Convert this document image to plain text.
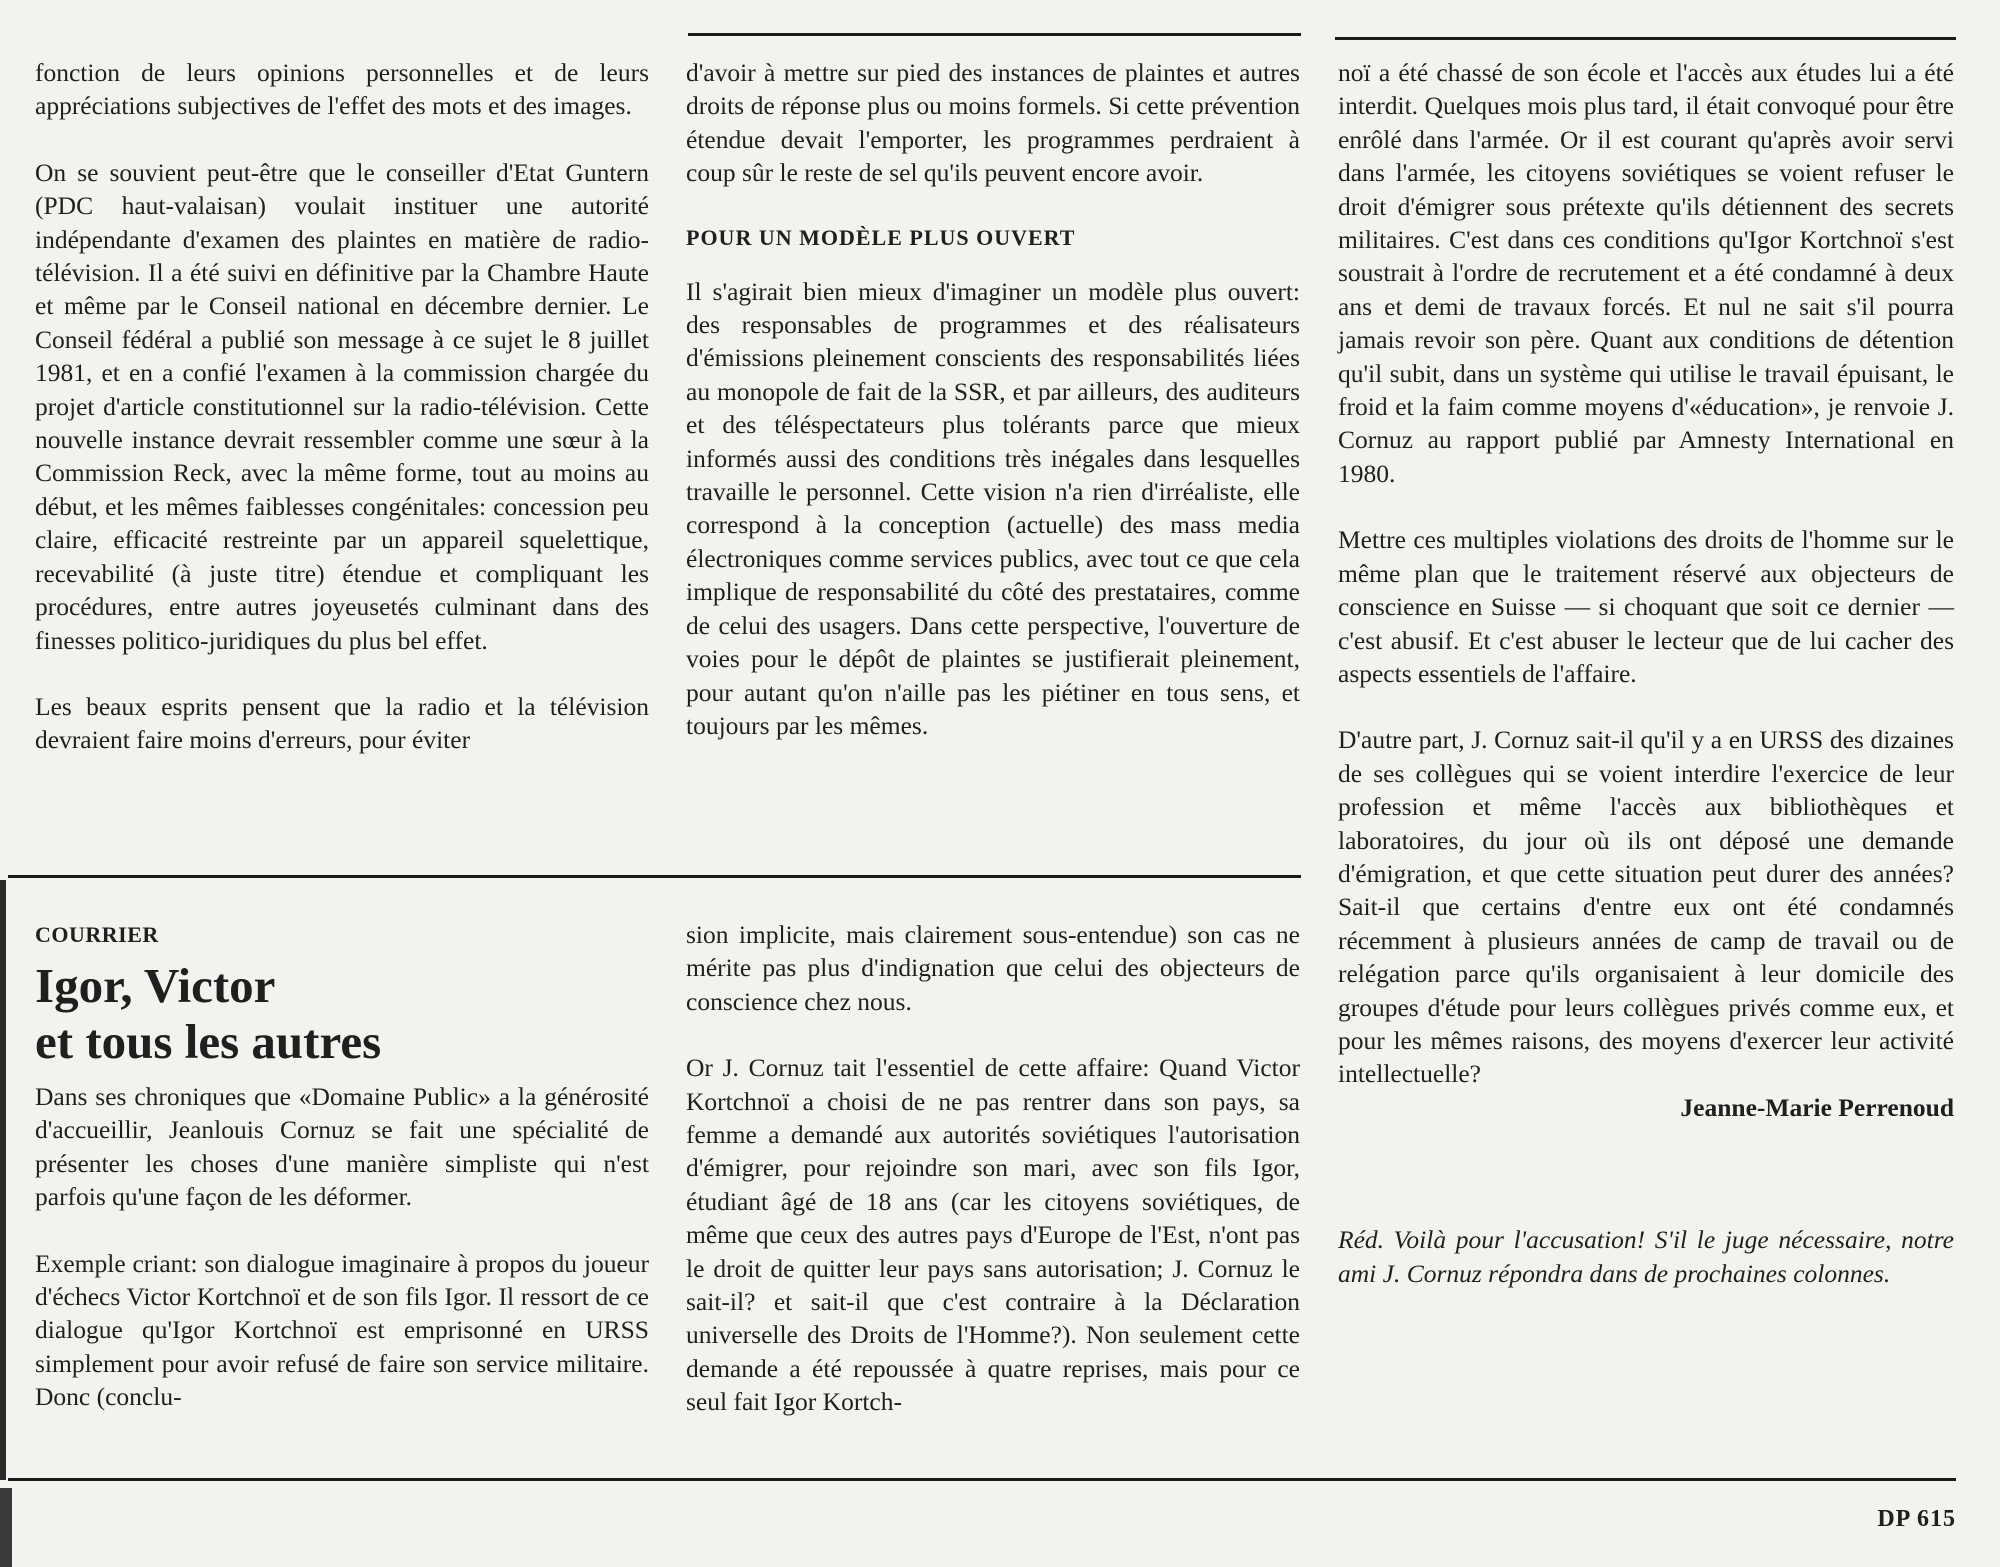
fonction de leurs opinions personnelles et de leurs appréciations subjectives de l'effet des mots et des images.

On se souvient peut-être que le conseiller d'Etat Guntern (PDC haut-valaisan) voulait instituer une autorité indépendante d'examen des plaintes en matière de radio-télévision. Il a été suivi en définitive par la Chambre Haute et même par le Conseil national en décembre dernier. Le Conseil fédéral a publié son message à ce sujet le 8 juillet 1981, et en a confié l'examen à la commission chargée du projet d'article constitutionnel sur la radio-télévision. Cette nouvelle instance devrait ressembler comme une sœur à la Commission Reck, avec la même forme, tout au moins au début, et les mêmes faiblesses congénitales: concession peu claire, efficacité restreinte par un appareil squelettique, recevabilité (à juste titre) étendue et compliquant les procédures, entre autres joyeusetés culminant dans des finesses politico-juridiques du plus bel effet.

Les beaux esprits pensent que la radio et la télévision devraient faire moins d'erreurs, pour éviter

d'avoir à mettre sur pied des instances de plaintes et autres droits de réponse plus ou moins formels. Si cette prévention étendue devait l'emporter, les programmes perdraient à coup sûr le reste de sel qu'ils peuvent encore avoir.

POUR UN MODÈLE PLUS OUVERT

Il s'agirait bien mieux d'imaginer un modèle plus ouvert: des responsables de programmes et des réalisateurs d'émissions pleinement conscients des responsabilités liées au monopole de fait de la SSR, et par ailleurs, des auditeurs et des téléspectateurs plus tolérants parce que mieux informés aussi des conditions très inégales dans lesquelles travaille le personnel. Cette vision n'a rien d'irréaliste, elle correspond à la conception (actuelle) des mass media électroniques comme services publics, avec tout ce que cela implique de responsabilité du côté des prestataires, comme de celui des usagers. Dans cette perspective, l'ouverture de voies pour le dépôt de plaintes se justifierait pleinement, pour autant qu'on n'aille pas les piétiner en tous sens, et toujours par les mêmes.

noï a été chassé de son école et l'accès aux études lui a été interdit. Quelques mois plus tard, il était convoqué pour être enrôlé dans l'armée. Or il est courant qu'après avoir servi dans l'armée, les citoyens soviétiques se voient refuser le droit d'émigrer sous prétexte qu'ils détiennent des secrets militaires. C'est dans ces conditions qu'Igor Kortchnoï s'est soustrait à l'ordre de recrutement et a été condamné à deux ans et demi de travaux forcés. Et nul ne sait s'il pourra jamais revoir son père. Quant aux conditions de détention qu'il subit, dans un système qui utilise le travail épuisant, le froid et la faim comme moyens d'«éducation», je renvoie J. Cornuz au rapport publié par Amnesty International en 1980.

Mettre ces multiples violations des droits de l'homme sur le même plan que le traitement réservé aux objecteurs de conscience en Suisse — si choquant que soit ce dernier — c'est abusif. Et c'est abuser le lecteur que de lui cacher des aspects essentiels de l'affaire.

D'autre part, J. Cornuz sait-il qu'il y a en URSS des dizaines de ses collègues qui se voient interdire l'exercice de leur profession et même l'accès aux bibliothèques et laboratoires, du jour où ils ont déposé une demande d'émigration, et que cette situation peut durer des années? Sait-il que certains d'entre eux ont été condamnés récemment à plusieurs années de camp de travail ou de relégation parce qu'ils organisaient à leur domicile des groupes d'étude pour leurs collègues privés comme eux, et pour les mêmes raisons, des moyens d'exercer leur activité intellectuelle?

Jeanne-Marie Perrenoud

Réd. Voilà pour l'accusation! S'il le juge nécessaire, notre ami J. Cornuz répondra dans de prochaines colonnes.

COURRIER
Igor, Victor
et tous les autres

Dans ses chroniques que «Domaine Public» a la générosité d'accueillir, Jeanlouis Cornuz se fait une spécialité de présenter les choses d'une manière simpliste qui n'est parfois qu'une façon de les déformer.

Exemple criant: son dialogue imaginaire à propos du joueur d'échecs Victor Kortchnoï et de son fils Igor. Il ressort de ce dialogue qu'Igor Kortchnoï est emprisonné en URSS simplement pour avoir refusé de faire son service militaire. Donc (conclu-

sion implicite, mais clairement sous-entendue) son cas ne mérite pas plus d'indignation que celui des objecteurs de conscience chez nous.

Or J. Cornuz tait l'essentiel de cette affaire: Quand Victor Kortchnoï a choisi de ne pas rentrer dans son pays, sa femme a demandé aux autorités soviétiques l'autorisation d'émigrer, pour rejoindre son mari, avec son fils Igor, étudiant âgé de 18 ans (car les citoyens soviétiques, de même que ceux des autres pays d'Europe de l'Est, n'ont pas le droit de quitter leur pays sans autorisation; J. Cornuz le sait-il? et sait-il que c'est contraire à la Déclaration universelle des Droits de l'Homme?). Non seulement cette demande a été repoussée à quatre reprises, mais pour ce seul fait Igor Kortch-

DP 615
